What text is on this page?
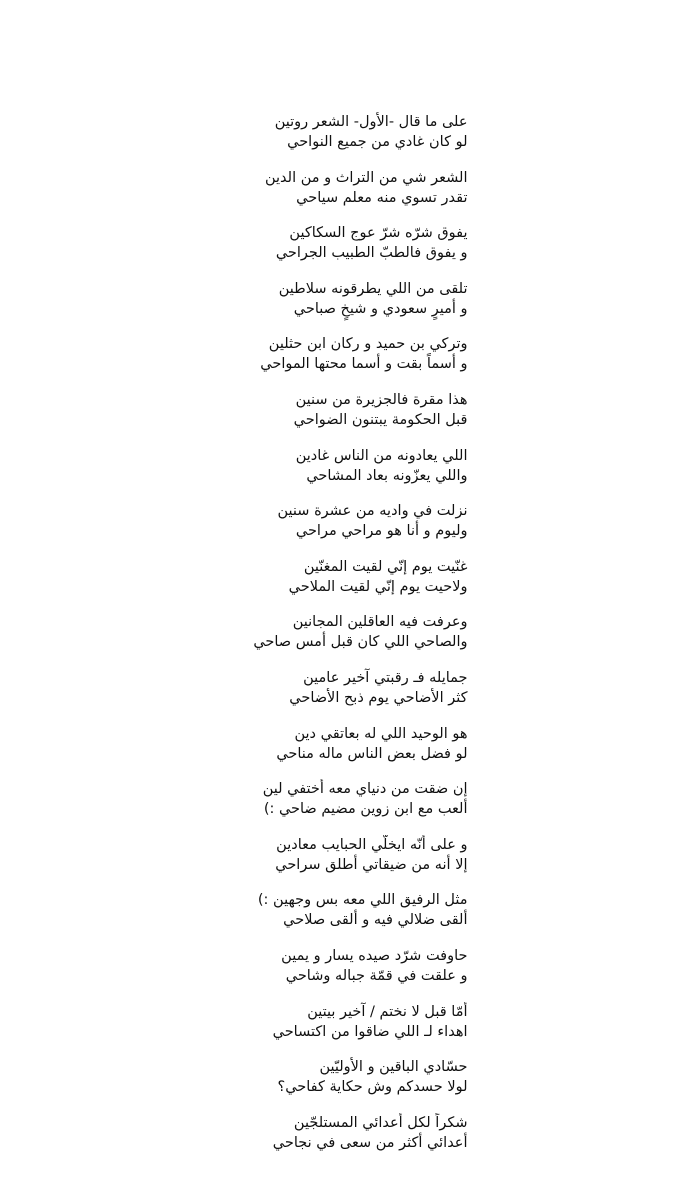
على ما قال -الأول- الشعر روتين
لو كان غادي من جميع النواحي
الشعر شي من التراث و من الدين
تقدر تسوي منه معلم سياحي
يفوق شرّه شرّ عوج السكاكين
و يفوق فالطبّ الطبيب الجراحي
تلقى من اللي يطرقونه سلاطين
و أميرٍ سعودي و شيخٍ صباحي
وتركي بن حميد و ركان ابن حثلين
و أسماً بقت و أسما محتها المواحي
هذا مقرة فالجزيرة من سنين
قبل الحكومة يبتنون الضواحي
اللي يعادونه من الناس غادين
واللي يعزّونه بعاد المشاحي
نزلت في واديه من عشرة سنين
وليوم و أنا هو مراحي مراحي
غنّيت يوم إنّي لقيت المغنّين
ولاحيت يوم إنّي لقيت الملاحي
وعرفت فيه العاقلين المجانين
والصاحي اللي كان قبل أمس صاحي
جمايله فـ رقبتي آخير عامين
كثر الأضاحي يوم ذبح الأضاحي
هو الوحيد اللي له بعاتقي دين
لو فضل بعض الناس ماله مناحي
إن ضقت من دنياي معه أختفي لين
ألعب مع ابن زوين مضيم ضاحي :)
و على أنّه ايخلّي الحبايب معادين
إلا أنه من ضيقاتي أطلق سراحي
مثل الرفيق اللي معه بس وجهين :)
ألقى ضلالي فيه و ألقى صلاحي
حاوفت شرّد صيده يسار و يمين
و علقت في قمّة جباله وشاحي
أمّا قبل لا نختم / آخير بيتين
اهداء لـ اللي ضاقوا من اكتساحي
حسّادي الباقين و الأوليّين
لولا حسدكم وش حكاية كفاحي؟
شكراً لكل أعدائي المستلجّين
أعدائي أكثر من سعى في نجاحي
